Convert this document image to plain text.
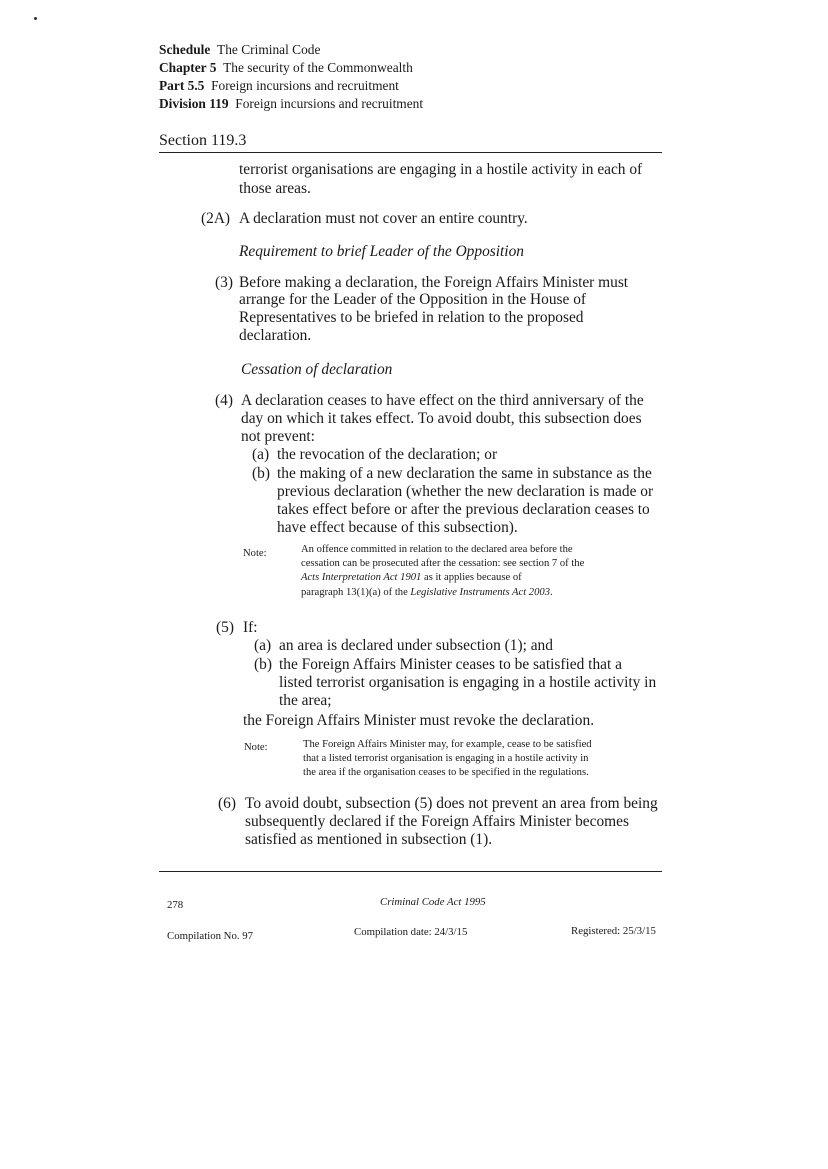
Schedule The Criminal Code
Chapter 5 The security of the Commonwealth
Part 5.5 Foreign incursions and recruitment
Division 119 Foreign incursions and recruitment
Section 119.3
terrorist organisations are engaging in a hostile activity in each of
those areas.
(2A) A declaration must not cover an entire country.
Requirement to brief Leader of the Opposition
(3) Before making a declaration, the Foreign Affairs Minister must
arrange for the Leader of the Opposition in the House of
Representatives to be briefed in relation to the proposed
declaration.
Cessation of declaration
(4) A declaration ceases to have effect on the third anniversary of the
day on which it takes effect. To avoid doubt, this subsection does
not prevent:
(a) the revocation of the declaration; or
(b) the making of a new declaration the same in substance as the
previous declaration (whether the new declaration is made or
takes effect before or after the previous declaration ceases to
have effect because of this subsection).
Note:	An offence committed in relation to the declared area before the
cessation can be prosecuted after the cessation: see section 7 of the
Acts Interpretation Act 1901 as it applies because of
paragraph 13(1)(a) of the Legislative Instruments Act 2003.
(5) If:
(a) an area is declared under subsection (1); and
(b) the Foreign Affairs Minister ceases to be satisfied that a
listed terrorist organisation is engaging in a hostile activity in
the area;
the Foreign Affairs Minister must revoke the declaration.
Note:	The Foreign Affairs Minister may, for example, cease to be satisfied
that a listed terrorist organisation is engaging in a hostile activity in
the area if the organisation ceases to be specified in the regulations.
(6) To avoid doubt, subsection (5) does not prevent an area from being
subsequently declared if the Foreign Affairs Minister becomes
satisfied as mentioned in subsection (1).
278	Criminal Code Act 1995
Compilation No. 97	Compilation date: 24/3/15	Registered: 25/3/15
